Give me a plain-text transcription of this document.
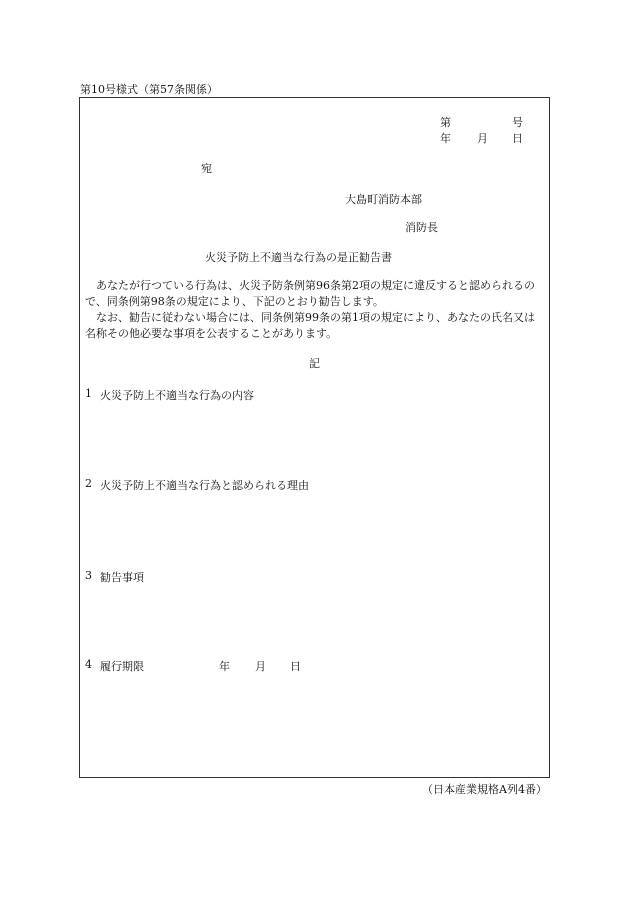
第10号様式（第57条関係）
第	号
年 月 日
宛
大島町消防本部
消防長
火災予防上不適当な行為の是正勧告書

あなたが行つている行為は、火災予防条例第96条第2項の規定に違反すると認められるので、同条例第98条の規定により、下記のとおり勧告します。

なお、勧告に従わない場合には、同条例第99条の第1項の規定により、あなたの氏名又は名称その他必要な事項を公表することがあります。

記
1 火災予防上不適当な行為の内容
2 火災予防上不適当な行為と認められる理由
3 勧告事項
4 履行期限	年 月 日
（日本産業規格A列4番）
